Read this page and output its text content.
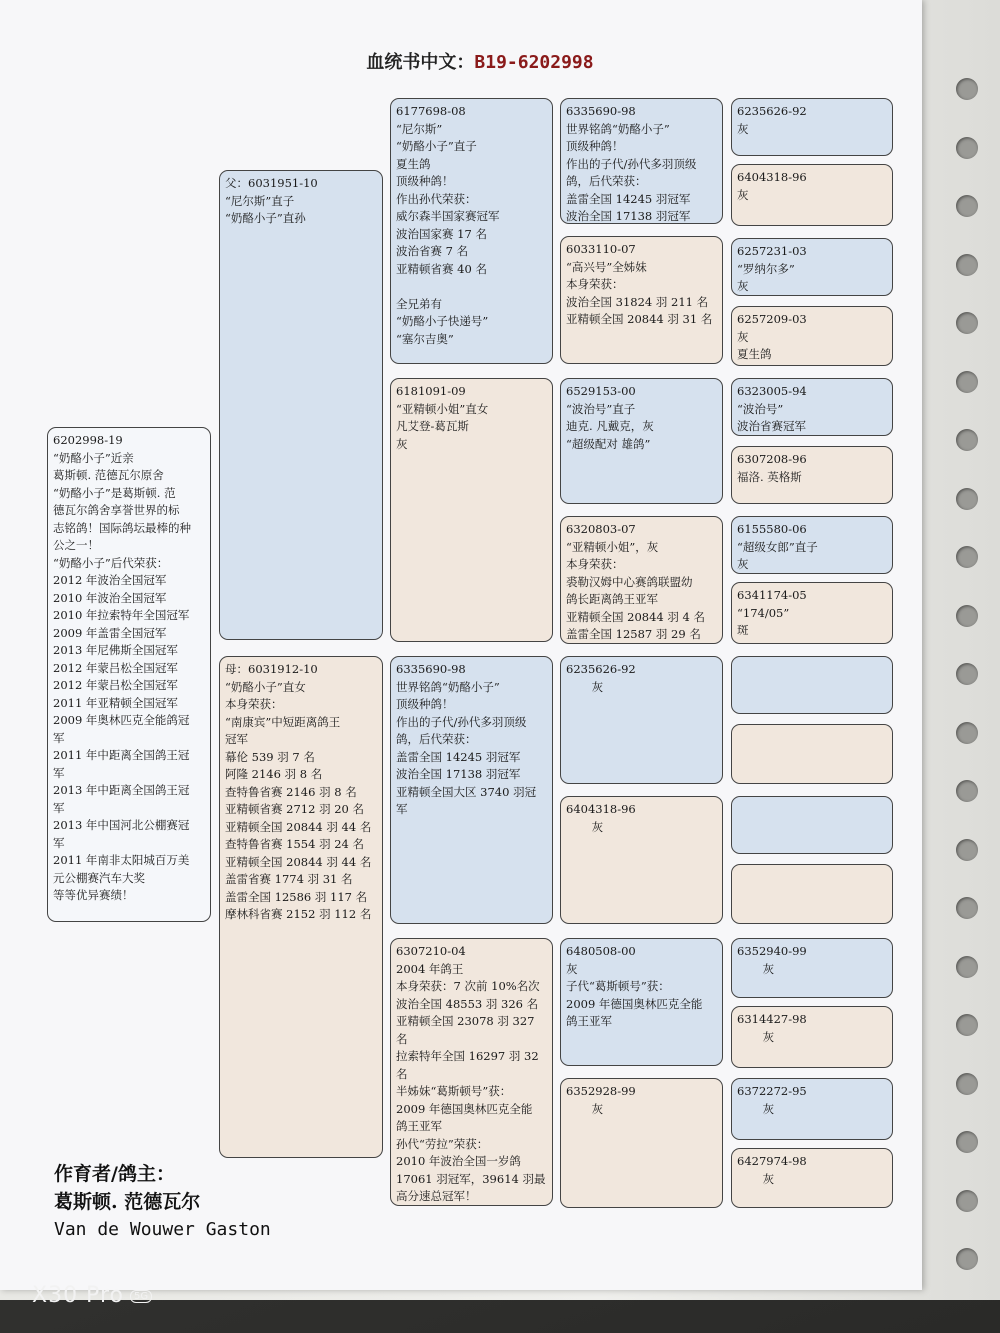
血统书中文：B19-6202998
6202998-19
“奶酪小子”近亲
葛斯顿. 范德瓦尔原舍
“奶酪小子”是葛斯顿. 范
德瓦尔鸽舍享誉世界的标
志铭鸽！国际鸽坛最棒的种
公之一！
“奶酪小子”后代荣获：
2012 年波治全国冠军
2010 年波治全国冠军
2010 年拉索特年全国冠军
2009 年盖雷全国冠军
2013 年尼佛斯全国冠军
2012 年蒙吕松全国冠军
2012 年蒙吕松全国冠军
2011 年亚精顿全国冠军
2009 年奥林匹克全能鸽冠
军
2011 年中距离全国鸽王冠
军
2013 年中距离全国鸽王冠
军
2013 年中国河北公棚赛冠
军
2011 年南非太阳城百万美
元公棚赛汽车大奖
等等优异赛绩！
父：6031951-10
“尼尔斯”直子
“奶酪小子”直孙
母：6031912-10
“奶酪小子”直女
本身荣获：
“南康宾”中短距离鸽王
冠军
幕伦 539 羽 7 名
阿隆 2146 羽 8 名
查特鲁省赛 2146 羽 8 名
亚精顿省赛 2712 羽 20 名
亚精顿全国 20844 羽 44 名
查特鲁省赛 1554 羽 24 名
亚精顿全国 20844 羽 44 名
盖雷省赛 1774 羽 31 名
盖雷全国 12586 羽 117 名
摩林科省赛 2152 羽 112 名
6177698-08
“尼尔斯”
“奶酪小子”直子
夏生鸽
顶级种鸽！
作出孙代荣获：
威尔森半国家赛冠军
波治国家赛 17 名
波治省赛 7 名
亚精顿省赛 40 名

全兄弟有
“奶酪小子快递号”
“塞尔吉奥”
6181091-09
“亚精顿小姐”直女
凡艾登-葛瓦斯
灰
6335690-98
世界铭鸽“奶酪小子”
顶级种鸽！
作出的子代/孙代多羽顶级
鸽，后代荣获：
盖雷全国 14245 羽冠军
波治全国 17138 羽冠军
亚精顿全国大区 3740 羽冠
军
6307210-04
2004 年鸽王
本身荣获：7 次前 10%名次
波治全国 48553 羽 326 名
亚精顿全国 23078 羽 327
名
拉索特年全国 16297 羽 32
名
半姊妹“葛斯顿号”获：
2009 年德国奥林匹克全能
鸽王亚军
孙代“劳拉”荣获：
2010 年波治全国一岁鸽
17061 羽冠军，39614 羽最
高分速总冠军！
6335690-98
世界铭鸽“奶酪小子”
顶级种鸽！
作出的子代/孙代多羽顶级
鸽，后代荣获：
盖雷全国 14245 羽冠军
波治全国 17138 羽冠军
6033110-07
“高兴号”全姊妹
本身荣获：
波治全国 31824 羽 211 名
亚精顿全国 20844 羽 31 名
6529153-00
“波治号”直子
迪克. 凡戴克，灰
“超级配对 雄鸽”
6320803-07
“亚精顿小姐”，灰
本身荣获：
裘勒汉姆中心赛鸽联盟幼
鸽长距离鸽王亚军
亚精顿全国 20844 羽 4 名
盖雷全国 12587 羽 29 名
6235626-92
灰
6404318-96
灰
6480508-00
灰
子代“葛斯顿号”获：
2009 年德国奥林匹克全能
鸽王亚军
6352928-99
灰
6235626-92
灰
6404318-96
灰
6257231-03
“罗纳尔多”
灰
6257209-03
灰
夏生鸽
6323005-94
“波治号”
波治省赛冠军
6307208-96
福洛. 英格斯
6155580-06
“超级女郎”直子
灰
6341174-05
“174/05”
斑
6352940-99
灰
6314427-98
灰
6372272-95
灰
6427974-98
灰
作育者/鸽主：
葛斯顿. 范德瓦尔
Van de Wouwer Gaston
X30 Pro 5G
